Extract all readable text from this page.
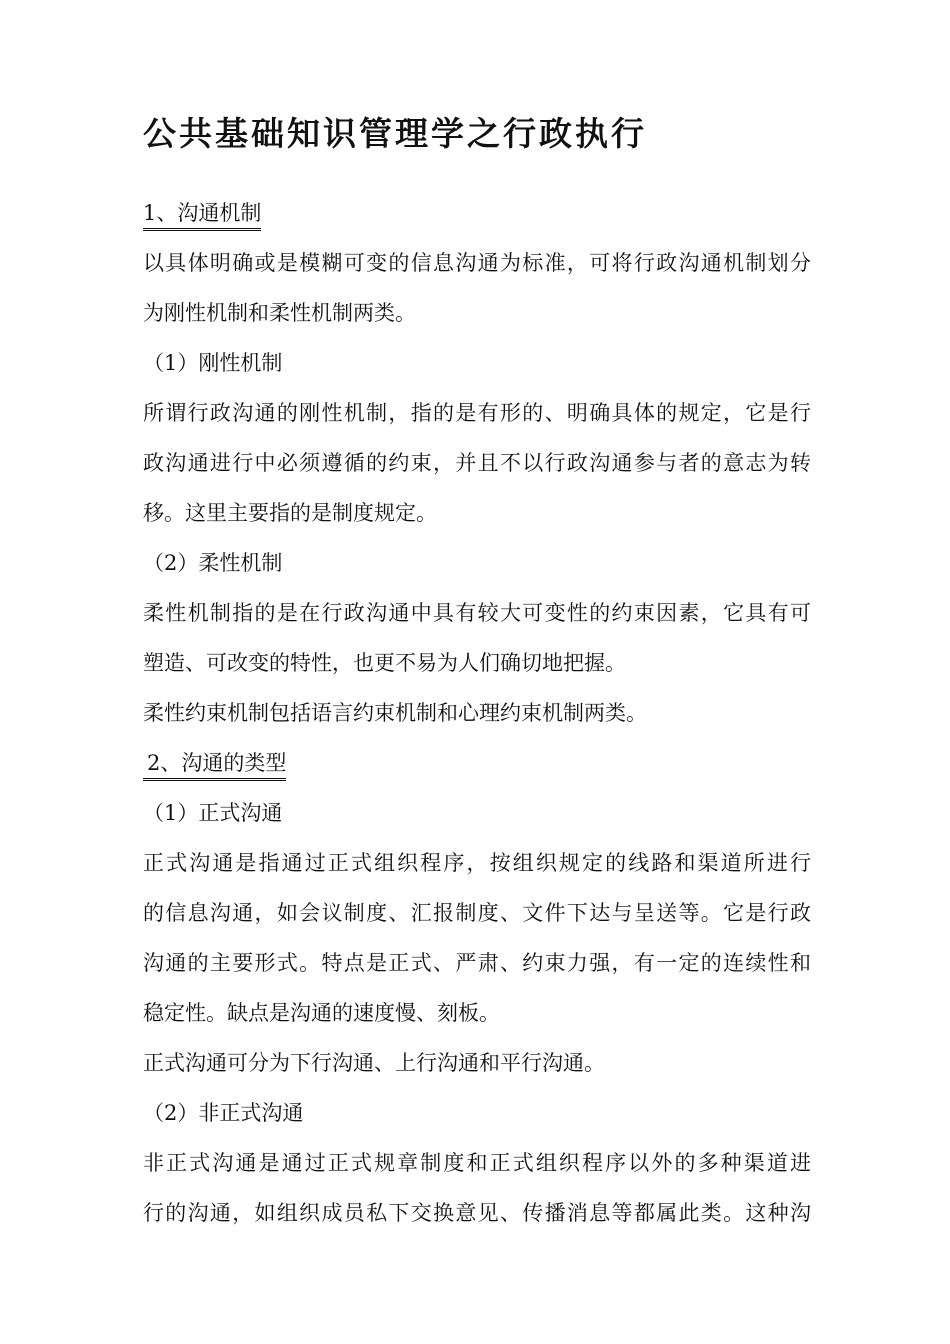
公共基础知识管理学之行政执行
1、沟通机制
以具体明确或是模糊可变的信息沟通为标准，可将行政沟通机制划分
为刚性机制和柔性机制两类。
（1）刚性机制
所谓行政沟通的刚性机制，指的是有形的、明确具体的规定，它是行
政沟通进行中必须遵循的约束，并且不以行政沟通参与者的意志为转
移。这里主要指的是制度规定。
（2）柔性机制
柔性机制指的是在行政沟通中具有较大可变性的约束因素，它具有可
塑造、可改变的特性，也更不易为人们确切地把握。
柔性约束机制包括语言约束机制和心理约束机制两类。
2、沟通的类型
（1）正式沟通
正式沟通是指通过正式组织程序，按组织规定的线路和渠道所进行
的信息沟通，如会议制度、汇报制度、文件下达与呈送等。它是行政
沟通的主要形式。特点是正式、严肃、约束力强，有一定的连续性和
稳定性。缺点是沟通的速度慢、刻板。
正式沟通可分为下行沟通、上行沟通和平行沟通。
（2）非正式沟通
非正式沟通是通过正式规章制度和正式组织程序以外的多种渠道进
行的沟通，如组织成员私下交换意见、传播消息等都属此类。这种沟
